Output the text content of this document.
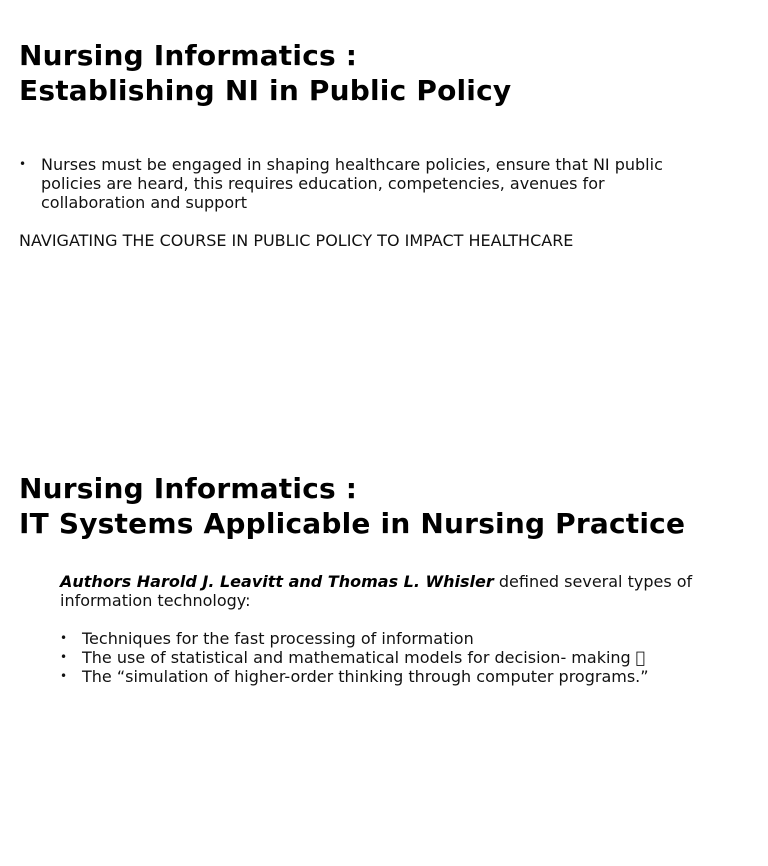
Nursing Informatics :
Establishing NI in Public Policy
• Nurses must be engaged in shaping healthcare policies, ensure that NI public policies are heard, this requires education, competencies, avenues for collaboration and support
NAVIGATING THE COURSE IN PUBLIC POLICY TO IMPACT HEALTHCARE
Nursing Informatics :
IT Systems Applicable in Nursing Practice
Authors Harold J. Leavitt and Thomas L. Whisler defined several types of information technology:
• Techniques for the fast processing of information
• The use of statistical and mathematical models for decision- making
• The “simulation of higher-order thinking through computer programs.”
